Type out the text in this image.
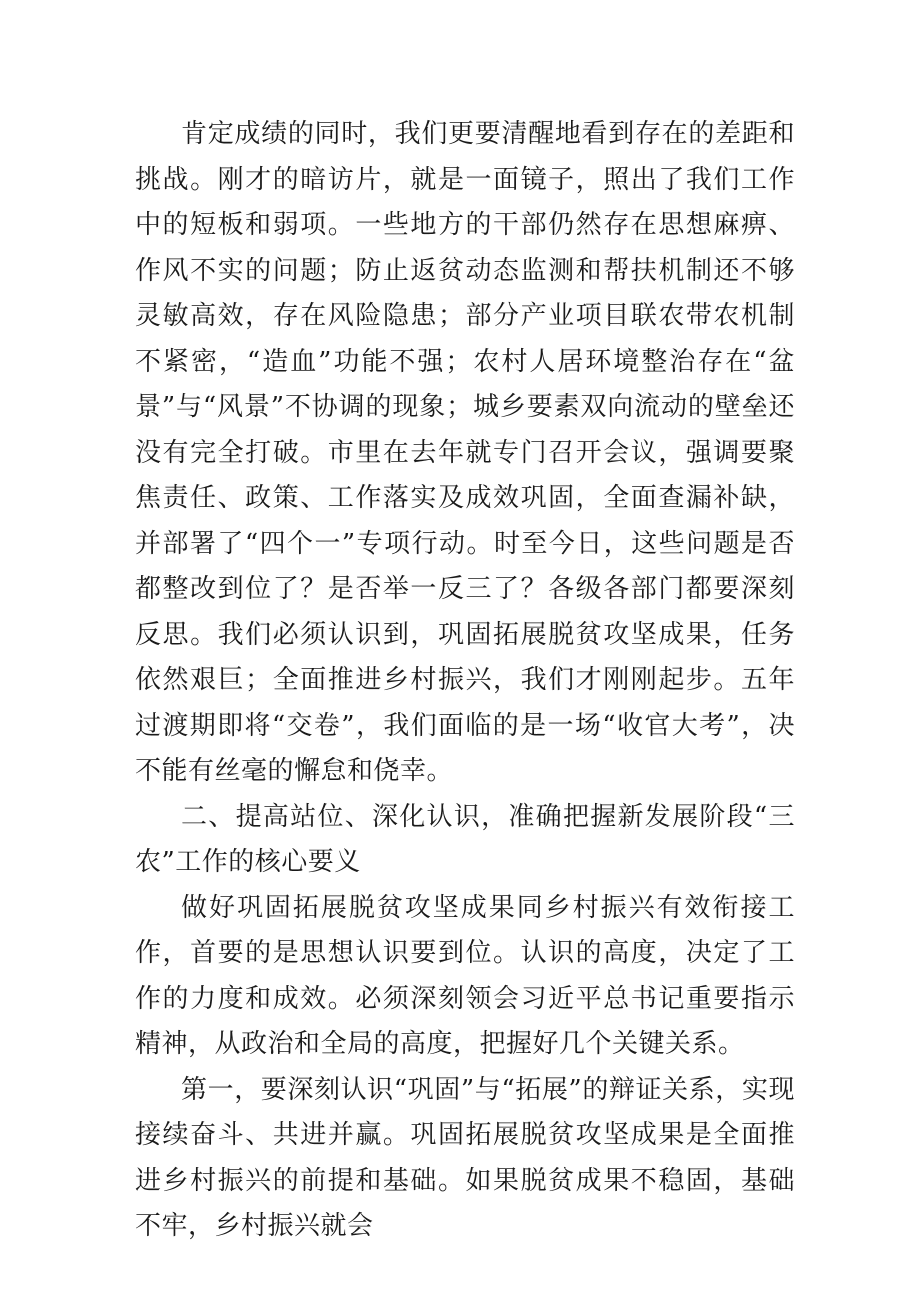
肯定成绩的同时，我们更要清醒地看到存在的差距和挑战。刚才的暗访片，就是一面镜子，照出了我们工作中的短板和弱项。一些地方的干部仍然存在思想麻痹、作风不实的问题；防止返贫动态监测和帮扶机制还不够灵敏高效，存在风险隐患；部分产业项目联农带农机制不紧密，“造血”功能不强；农村人居环境整治存在“盆景”与“风景”不协调的现象；城乡要素双向流动的壁垒还没有完全打破。市里在去年就专门召开会议，强调要聚焦责任、政策、工作落实及成效巩固，全面查漏补缺，并部署了“四个一”专项行动。时至今日，这些问题是否都整改到位了？是否举一反三了？各级各部门都要深刻反思。我们必须认识到，巩固拓展脱贫攻坚成果，任务依然艰巨；全面推进乡村振兴，我们才刚刚起步。五年过渡期即将“交卷”，我们面临的是一场“收官大考”，决不能有丝毫的懈怠和侥幸。

二、提高站位、深化认识，准确把握新发展阶段“三农”工作的核心要义

做好巩固拓展脱贫攻坚成果同乡村振兴有效衔接工作，首要的是思想认识要到位。认识的高度，决定了工作的力度和成效。必须深刻领会习近平总书记重要指示精神，从政治和全局的高度，把握好几个关键关系。

第一，要深刻认识“巩固”与“拓展”的辩证关系，实现接续奋斗、共进并赢。巩固拓展脱贫攻坚成果是全面推进乡村振兴的前提和基础。如果脱贫成果不稳固，基础不牢，乡村振兴就会
